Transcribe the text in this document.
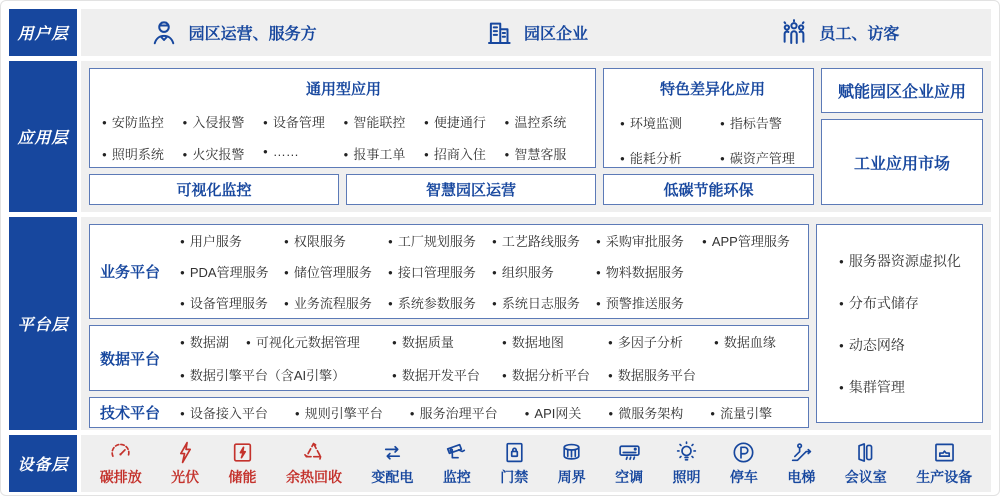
用户层	园区运营、服务方	园区企业	员工、访客
应用层
通用型应用
● 安防监控	● 入侵报警	● 设备管理	● 智能联控	● 便捷通行	● 温控系统
● 照明系统	● 火灾报警	● ……	● 报事工单	● 招商入住	● 智慧客服
可视化监控	智慧园区运营
特色差异化应用
● 环境监测	● 指标告警
● 能耗分析	● 碳资产管理
低碳节能环保
赋能园区企业应用
工业应用市场
平台层
业务平台
● 用户服务	● 权限服务	● 工厂规划服务	● 工艺路线服务	● 采购审批服务	● APP管理服务
● PDA管理服务	● 储位管理服务	● 接口管理服务	● 组织服务	● 物料数据服务
● 设备管理服务	● 业务流程服务	● 系统参数服务	● 系统日志服务	● 预警推送服务
数据平台
● 数据湖	● 可视化元数据管理	● 数据质量	● 数据地图	● 多因子分析	● 数据血缘
● 数据引擎平台（含AI引擎）	● 数据开发平台	● 数据分析平台	● 数据服务平台
技术平台	● 设备接入平台	● 规则引擎平台	● 服务治理平台	● API网关	● 微服务架构	● 流量引擎
● 服务器资源虚拟化
● 分布式储存
● 动态网络
● 集群管理
设备层
碳排放 光伏 储能 余热回收 变配电 监控 门禁 周界 空调 照明 停车 电梯 会议室 生产设备
